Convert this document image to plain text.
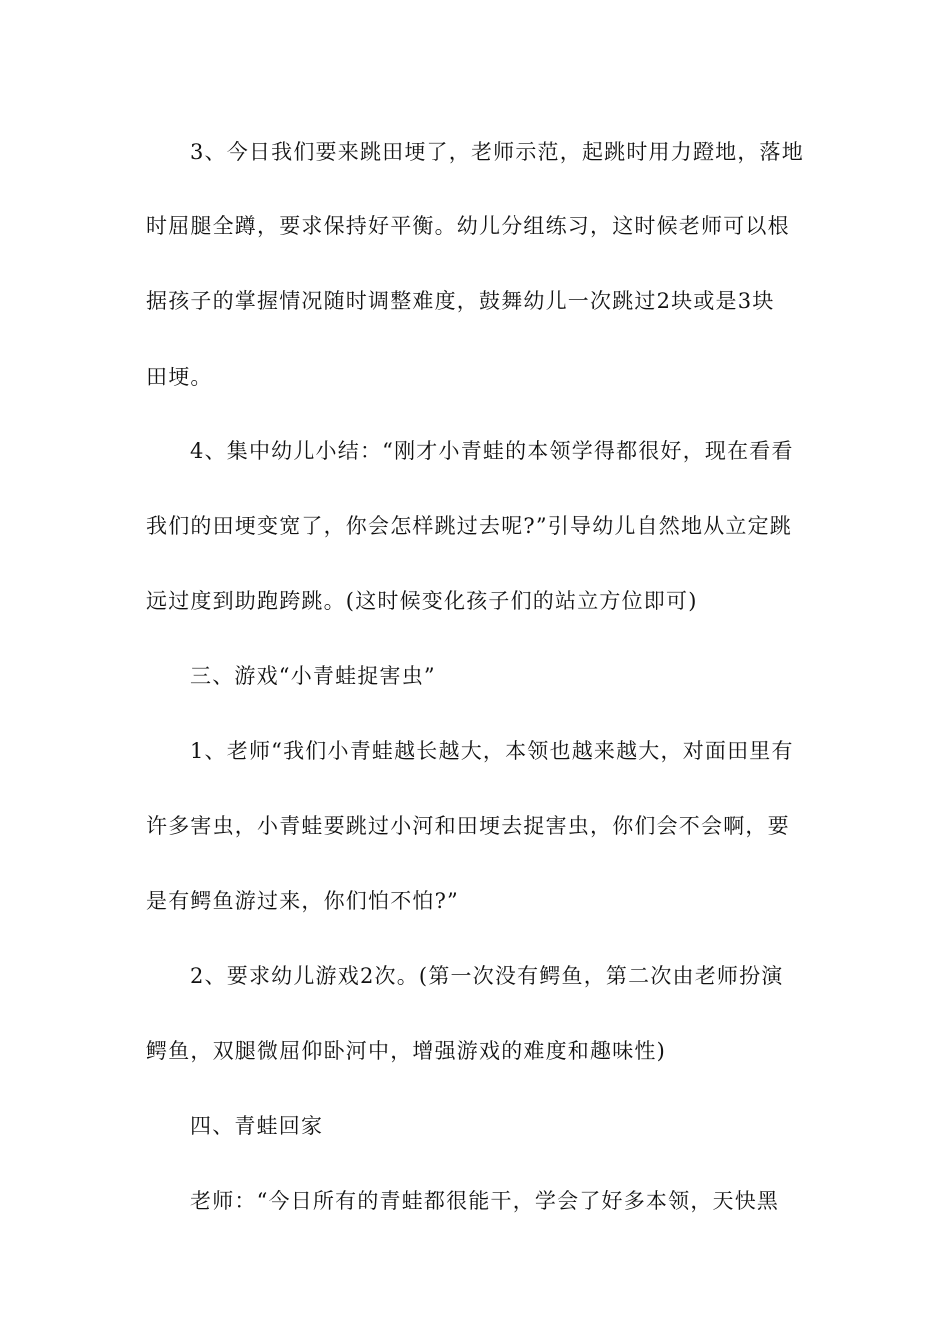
3、今日我们要来跳田埂了，老师示范，起跳时用力蹬地，落地
时屈腿全蹲，要求保持好平衡。幼儿分组练习，这时候老师可以根
据孩子的掌握情况随时调整难度，鼓舞幼儿一次跳过2块或是3块
田埂。
4、集中幼儿小结：“刚才小青蛙的本领学得都很好，现在看看
我们的田埂变宽了，你会怎样跳过去呢?”引导幼儿自然地从立定跳
远过度到助跑跨跳。(这时候变化孩子们的站立方位即可)
三、游戏“小青蛙捉害虫”
1、老师“我们小青蛙越长越大，本领也越来越大，对面田里有
许多害虫，小青蛙要跳过小河和田埂去捉害虫，你们会不会啊，要
是有鳄鱼游过来，你们怕不怕?”
2、要求幼儿游戏2次。(第一次没有鳄鱼，第二次由老师扮演
鳄鱼，双腿微屈仰卧河中，增强游戏的难度和趣味性)
四、青蛙回家
老师：“今日所有的青蛙都很能干，学会了好多本领，天快黑
